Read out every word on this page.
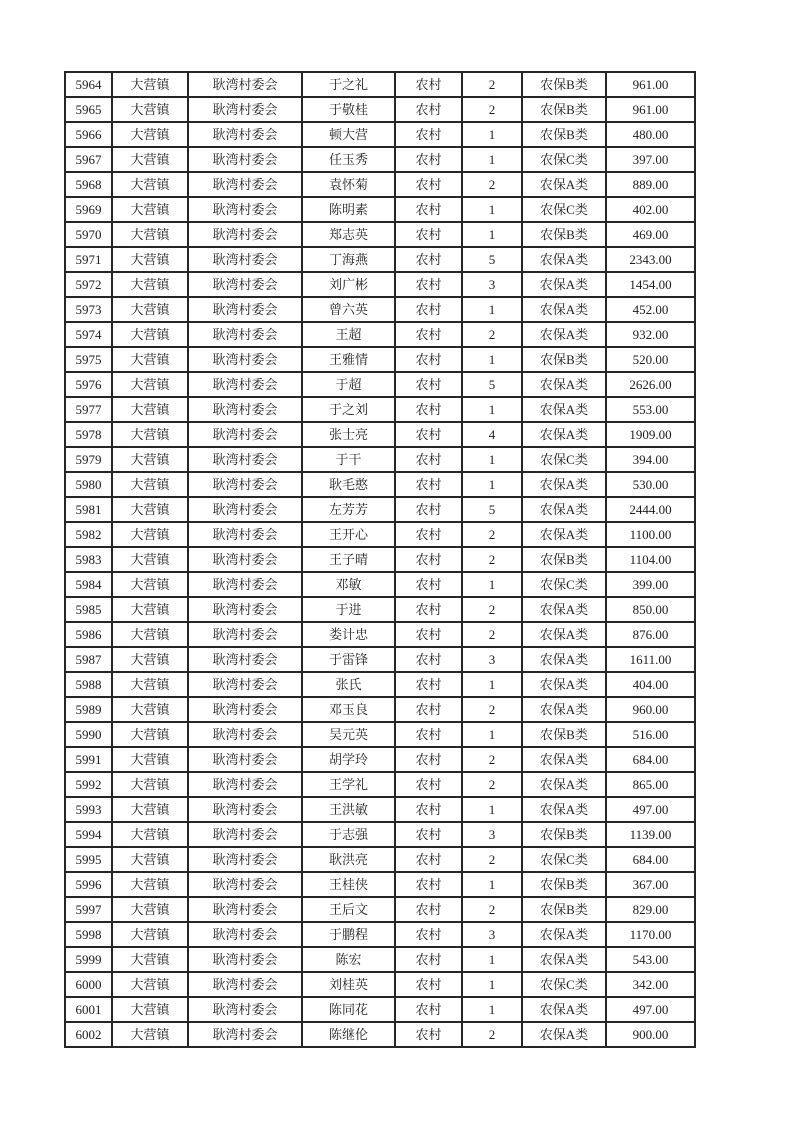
5964	大营镇	耿湾村委会	于之礼	农村	2	农保B类	961.00
5965	大营镇	耿湾村委会	于敬桂	农村	2	农保B类	961.00
5966	大营镇	耿湾村委会	顿大营	农村	1	农保B类	480.00
5967	大营镇	耿湾村委会	任玉秀	农村	1	农保C类	397.00
5968	大营镇	耿湾村委会	袁怀菊	农村	2	农保A类	889.00
5969	大营镇	耿湾村委会	陈明素	农村	1	农保C类	402.00
5970	大营镇	耿湾村委会	郑志英	农村	1	农保B类	469.00
5971	大营镇	耿湾村委会	丁海燕	农村	5	农保A类	2343.00
5972	大营镇	耿湾村委会	刘广彬	农村	3	农保A类	1454.00
5973	大营镇	耿湾村委会	曾六英	农村	1	农保A类	452.00
5974	大营镇	耿湾村委会	王超	农村	2	农保A类	932.00
5975	大营镇	耿湾村委会	王雅情	农村	1	农保B类	520.00
5976	大营镇	耿湾村委会	于超	农村	5	农保A类	2626.00
5977	大营镇	耿湾村委会	于之刘	农村	1	农保A类	553.00
5978	大营镇	耿湾村委会	张士亮	农村	4	农保A类	1909.00
5979	大营镇	耿湾村委会	于干	农村	1	农保C类	394.00
5980	大营镇	耿湾村委会	耿毛憨	农村	1	农保A类	530.00
5981	大营镇	耿湾村委会	左芳芳	农村	5	农保A类	2444.00
5982	大营镇	耿湾村委会	王开心	农村	2	农保A类	1100.00
5983	大营镇	耿湾村委会	王子晴	农村	2	农保B类	1104.00
5984	大营镇	耿湾村委会	邓敏	农村	1	农保C类	399.00
5985	大营镇	耿湾村委会	于进	农村	2	农保A类	850.00
5986	大营镇	耿湾村委会	娄计忠	农村	2	农保A类	876.00
5987	大营镇	耿湾村委会	于雷锋	农村	3	农保A类	1611.00
5988	大营镇	耿湾村委会	张氏	农村	1	农保A类	404.00
5989	大营镇	耿湾村委会	邓玉良	农村	2	农保A类	960.00
5990	大营镇	耿湾村委会	吴元英	农村	1	农保B类	516.00
5991	大营镇	耿湾村委会	胡学玲	农村	2	农保A类	684.00
5992	大营镇	耿湾村委会	王学礼	农村	2	农保A类	865.00
5993	大营镇	耿湾村委会	王洪敏	农村	1	农保A类	497.00
5994	大营镇	耿湾村委会	于志强	农村	3	农保B类	1139.00
5995	大营镇	耿湾村委会	耿洪亮	农村	2	农保C类	684.00
5996	大营镇	耿湾村委会	王桂侠	农村	1	农保B类	367.00
5997	大营镇	耿湾村委会	王后文	农村	2	农保B类	829.00
5998	大营镇	耿湾村委会	于鹏程	农村	3	农保A类	1170.00
5999	大营镇	耿湾村委会	陈宏	农村	1	农保A类	543.00
6000	大营镇	耿湾村委会	刘桂英	农村	1	农保C类	342.00
6001	大营镇	耿湾村委会	陈同花	农村	1	农保A类	497.00
6002	大营镇	耿湾村委会	陈继伦	农村	2	农保A类	900.00
